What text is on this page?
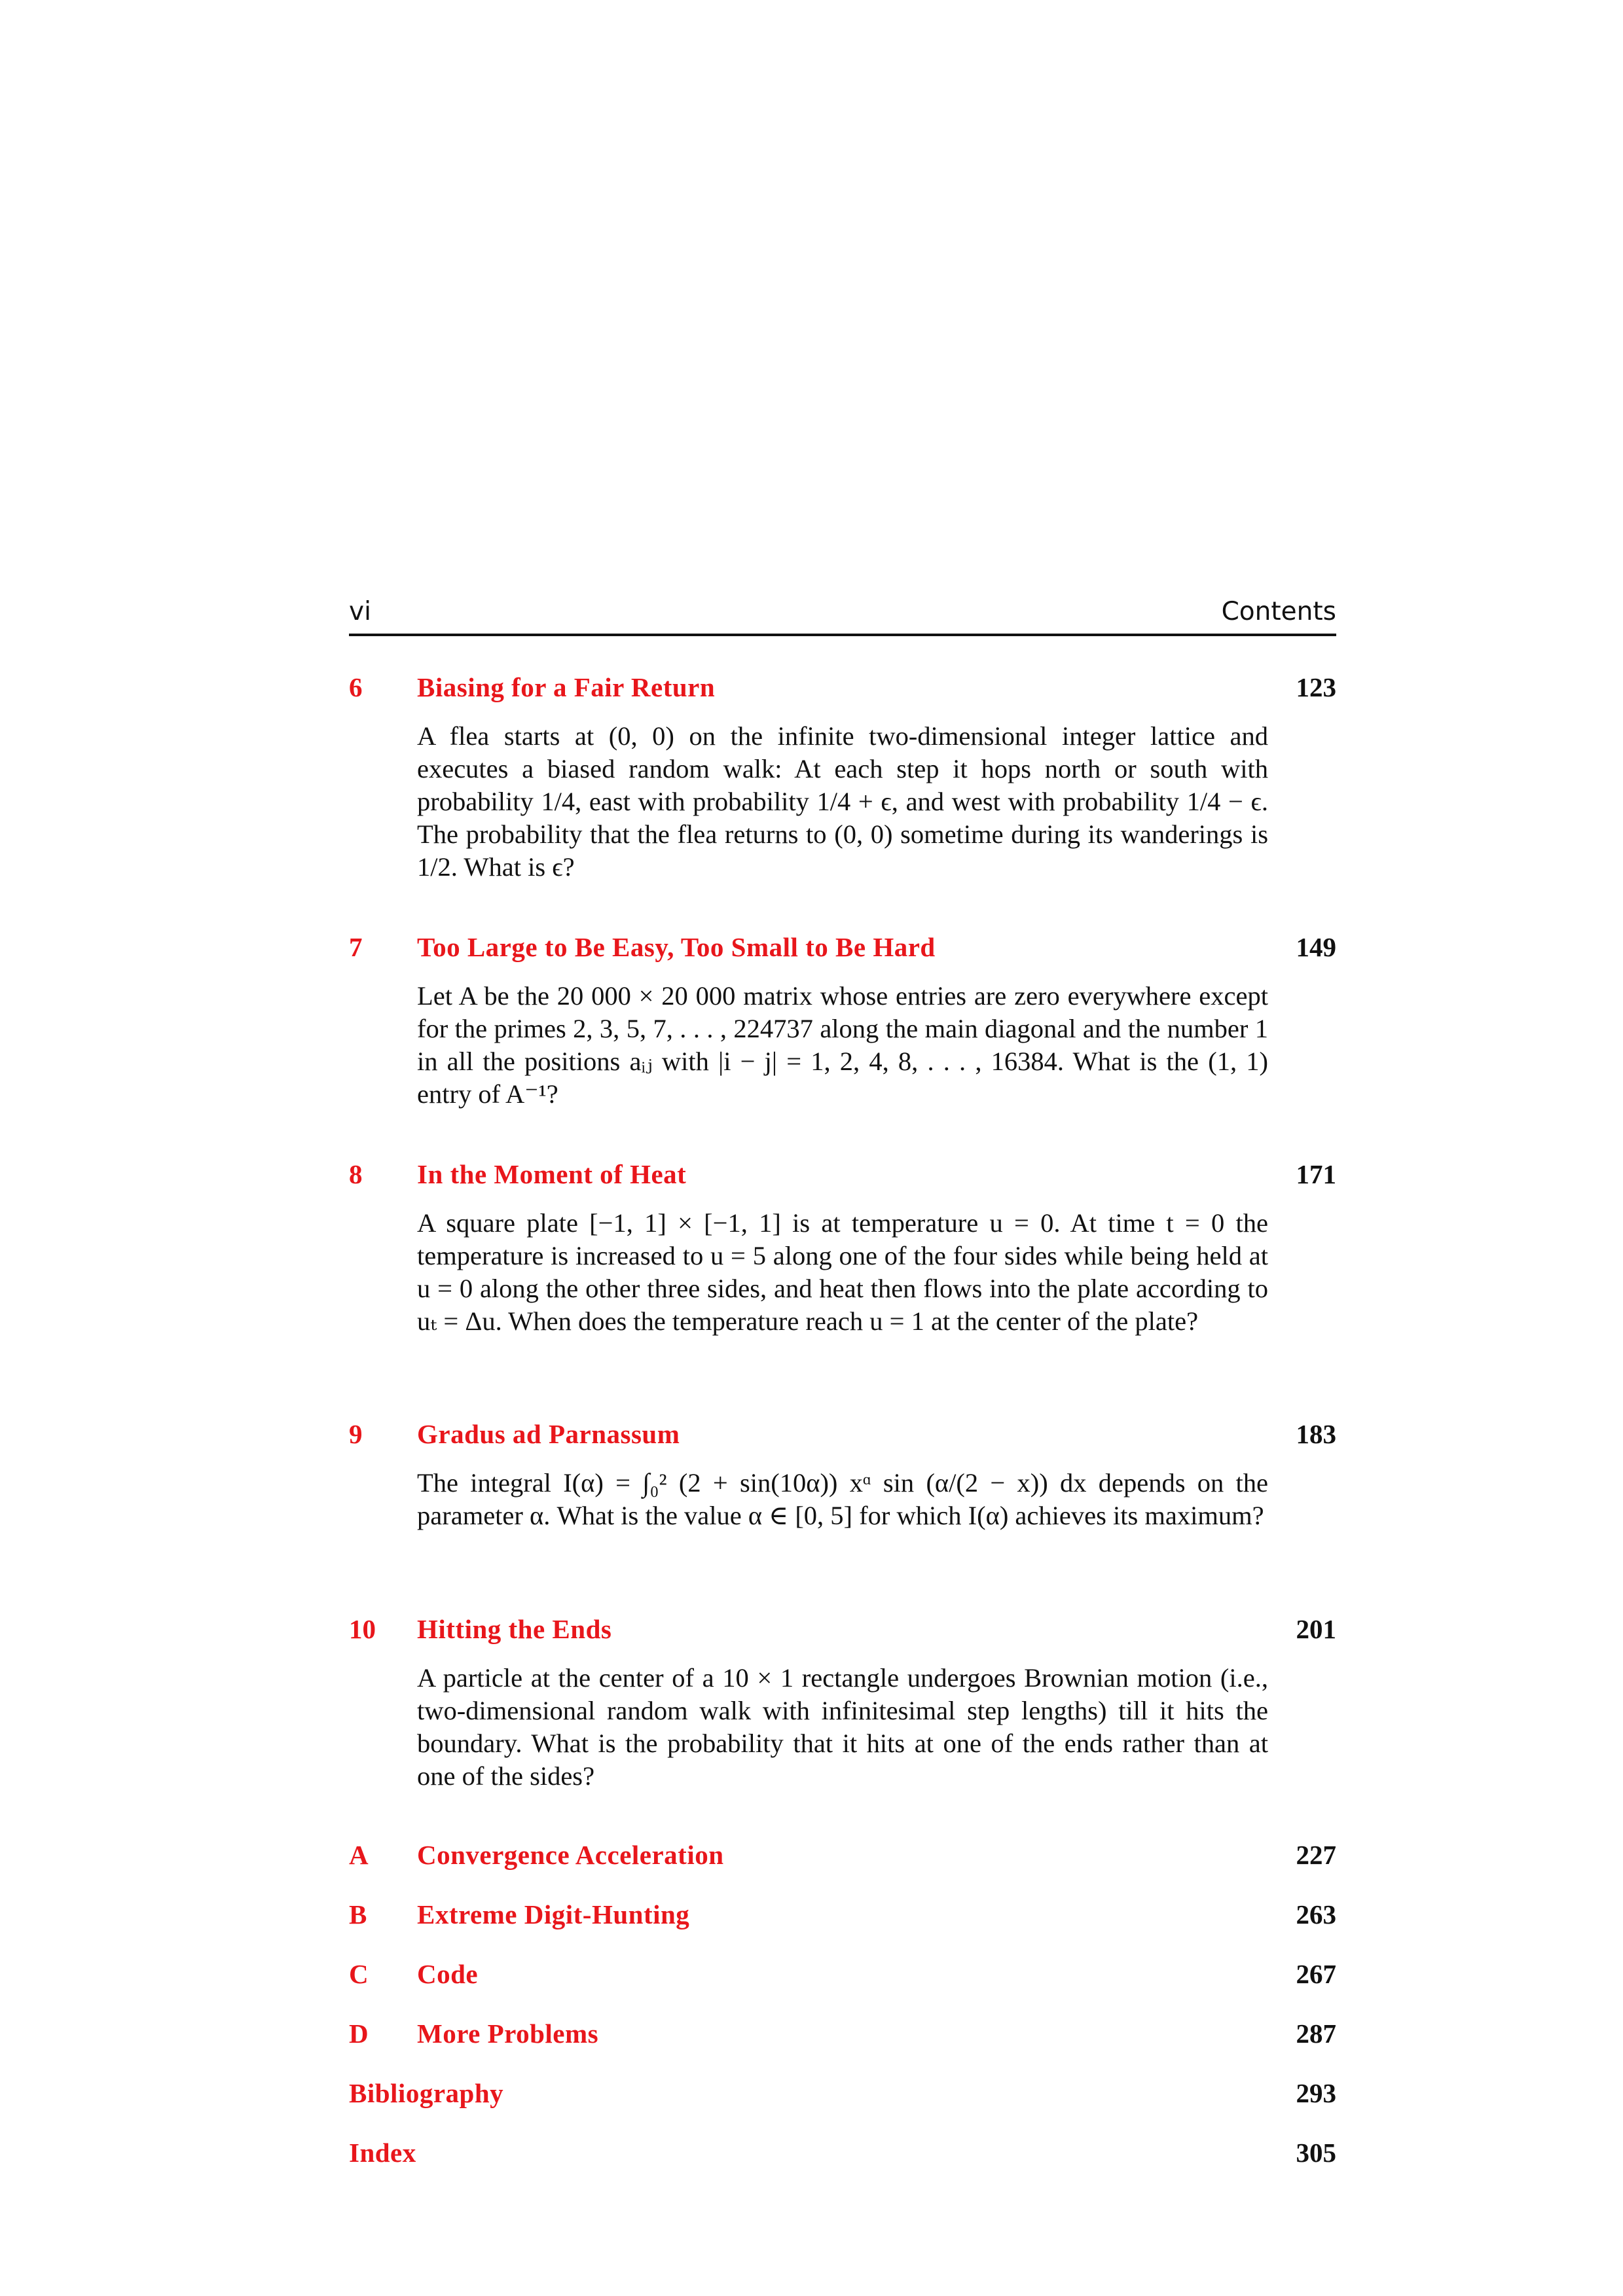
vi	Contents
6 Biasing for a Fair Return	123
A flea starts at (0, 0) on the infinite two-dimensional integer lattice and executes a biased random walk: At each step it hops north or south with probability 1/4, east with probability 1/4 + ϵ, and west with probability 1/4 − ϵ. The probability that the flea returns to (0, 0) sometime during its wanderings is 1/2. What is ϵ?
7 Too Large to Be Easy, Too Small to Be Hard	149
Let A be the 20 000 × 20 000 matrix whose entries are zero everywhere except for the primes 2, 3, 5, 7, . . . , 224737 along the main diagonal and the number 1 in all the positions aᵢⱼ with |i − j| = 1, 2, 4, 8, . . . , 16384. What is the (1, 1) entry of A⁻¹?
8 In the Moment of Heat	171
A square plate [−1, 1] × [−1, 1] is at temperature u = 0. At time t = 0 the temperature is increased to u = 5 along one of the four sides while being held at u = 0 along the other three sides, and heat then flows into the plate according to uₜ = Δu. When does the temperature reach u = 1 at the center of the plate?
9 Gradus ad Parnassum	183
The integral I(α) = ∫₀² (2 + sin(10α)) xᵅ sin (α/(2 − x)) dx depends on the parameter α. What is the value α ∈ [0, 5] for which I(α) achieves its maximum?
10 Hitting the Ends	201
A particle at the center of a 10 × 1 rectangle undergoes Brownian motion (i.e., two-dimensional random walk with infinitesimal step lengths) till it hits the boundary. What is the probability that it hits at one of the ends rather than at one of the sides?
A Convergence Acceleration	227
B Extreme Digit-Hunting	263
C Code	267
D More Problems	287
Bibliography	293
Index	305
